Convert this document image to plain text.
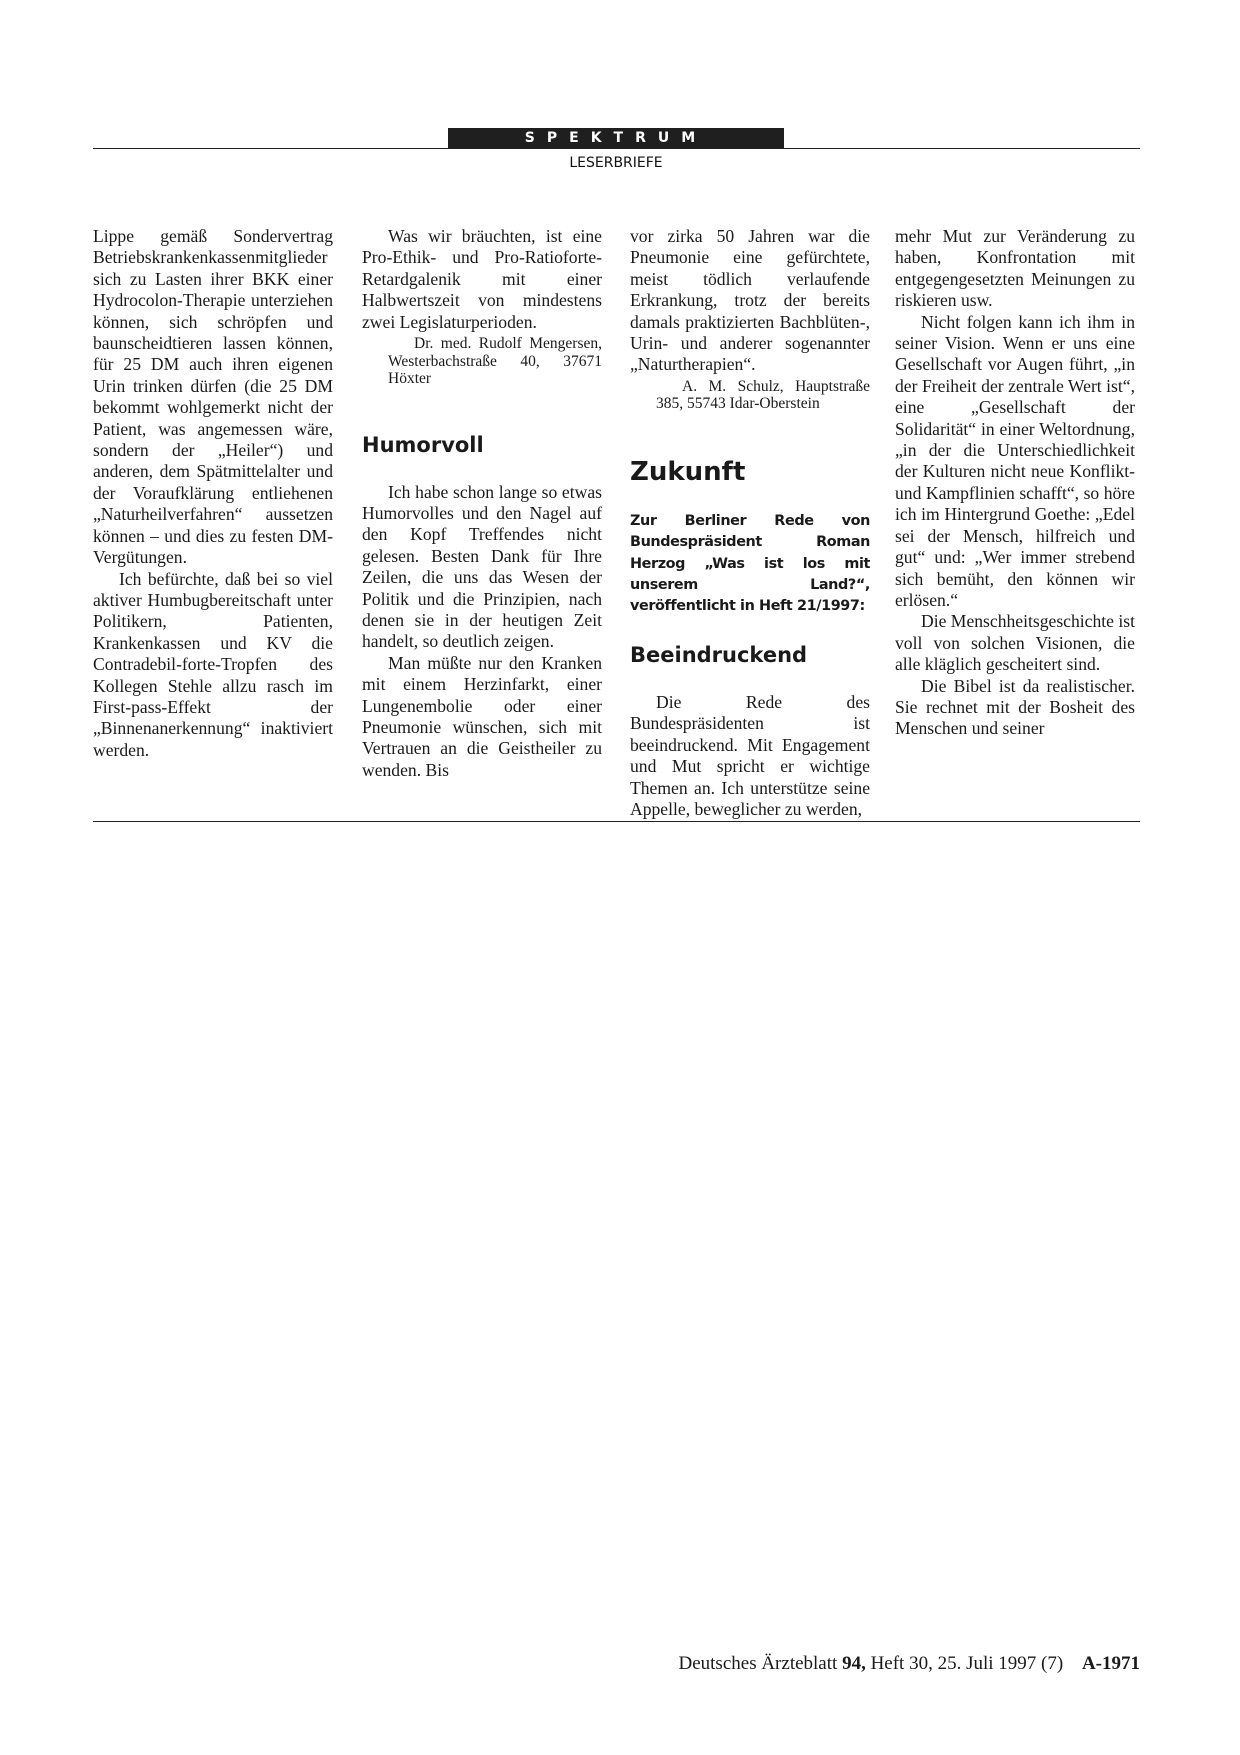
SPEKTRUM
LESERBRIEFE

Lippe gemäß Sondervertrag Betriebskrankenkassenmitglieder sich zu Lasten ihrer BKK einer Hydrocolon-Therapie unterziehen können, sich schröpfen und baunscheidtieren lassen können, für 25 DM auch ihren eigenen Urin trinken dürfen (die 25 DM bekommt wohlgemerkt nicht der Patient, was angemessen wäre, sondern der „Heiler“) und anderen, dem Spätmittelalter und der Voraufklärung entliehenen „Naturheilverfahren“ aussetzen können – und dies zu festen DM-Vergütungen.

Ich befürchte, daß bei so viel aktiver Humbugbereitschaft unter Politikern, Patienten, Krankenkassen und KV die Contradebil-forte-Tropfen des Kollegen Stehle allzu rasch im First-pass-Effekt der „Binnenanerkennung“ inaktiviert werden.

Was wir bräuchten, ist eine Pro-Ethik- und Pro-Ratioforte-Retardgalenik mit einer Halbwertszeit von mindestens zwei Legislaturperioden.

Dr. med. Rudolf Mengersen, Westerbachstraße 40, 37671 Höxter

Humorvoll

Ich habe schon lange so etwas Humorvolles und den Nagel auf den Kopf Treffendes nicht gelesen. Besten Dank für Ihre Zeilen, die uns das Wesen der Politik und die Prinzipien, nach denen sie in der heutigen Zeit handelt, so deutlich zeigen.

Man müßte nur den Kranken mit einem Herzinfarkt, einer Lungenembolie oder einer Pneumonie wünschen, sich mit Vertrauen an die Geistheiler zu wenden. Bis

vor zirka 50 Jahren war die Pneumonie eine gefürchtete, meist tödlich verlaufende Erkrankung, trotz der bereits damals praktizierten Bachblüten-, Urin- und anderer sogenannter „Naturtherapien“.

A. M. Schulz, Hauptstraße 385, 55743 Idar-Oberstein

Zukunft

Zur Berliner Rede von Bundespräsident Roman Herzog „Was ist los mit unserem Land?“, veröffentlicht in Heft 21/1997:

Beeindruckend

Die Rede des Bundespräsidenten ist beeindruckend. Mit Engagement und Mut spricht er wichtige Themen an. Ich unterstütze seine Appelle, beweglicher zu werden,

mehr Mut zur Veränderung zu haben, Konfrontation mit entgegengesetzten Meinungen zu riskieren usw.

Nicht folgen kann ich ihm in seiner Vision. Wenn er uns eine Gesellschaft vor Augen führt, „in der Freiheit der zentrale Wert ist“, eine „Gesellschaft der Solidarität“ in einer Weltordnung, „in der die Unterschiedlichkeit der Kulturen nicht neue Konflikt- und Kampflinien schafft“, so höre ich im Hintergrund Goethe: „Edel sei der Mensch, hilfreich und gut“ und: „Wer immer strebend sich bemüht, den können wir erlösen.“

Die Menschheitsgeschichte ist voll von solchen Visionen, die alle kläglich gescheitert sind.

Die Bibel ist da realistischer. Sie rechnet mit der Bosheit des Menschen und seiner

Deutsches Ärzteblatt 94, Heft 30, 25. Juli 1997 (7) A-1971
